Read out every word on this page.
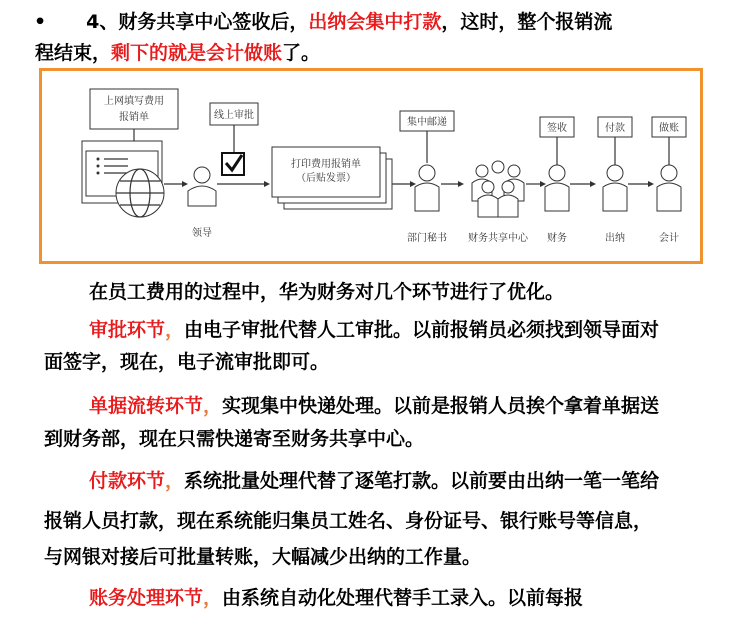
• 4、财务共享中心签收后，出纳会集中打款，这时，整个报销流
程结束，剩下的就是会计做账了。
上网填写费用
报销单
领导
线上审批
打印费用报销单
（后贴发票）
集中邮递
部门秘书 财务共享中心
签收
财务
付款
出纳
做账
会计
在员工费用的过程中，华为财务对几个环节进行了优化。
审批环节，由电子审批代替人工审批。以前报销员必须找到领导面对
面签字，现在，电子流审批即可。
单据流转环节，实现集中快递处理。以前是报销人员挨个拿着单据送
到财务部，现在只需快递寄至财务共享中心。
付款环节，系统批量处理代替了逐笔打款。以前要由出纳一笔一笔给
报销人员打款，现在系统能归集员工姓名、身份证号、银行账号等信息，
与网银对接后可批量转账，大幅减少出纳的工作量。
账务处理环节，由系统自动化处理代替手工录入。以前每报
